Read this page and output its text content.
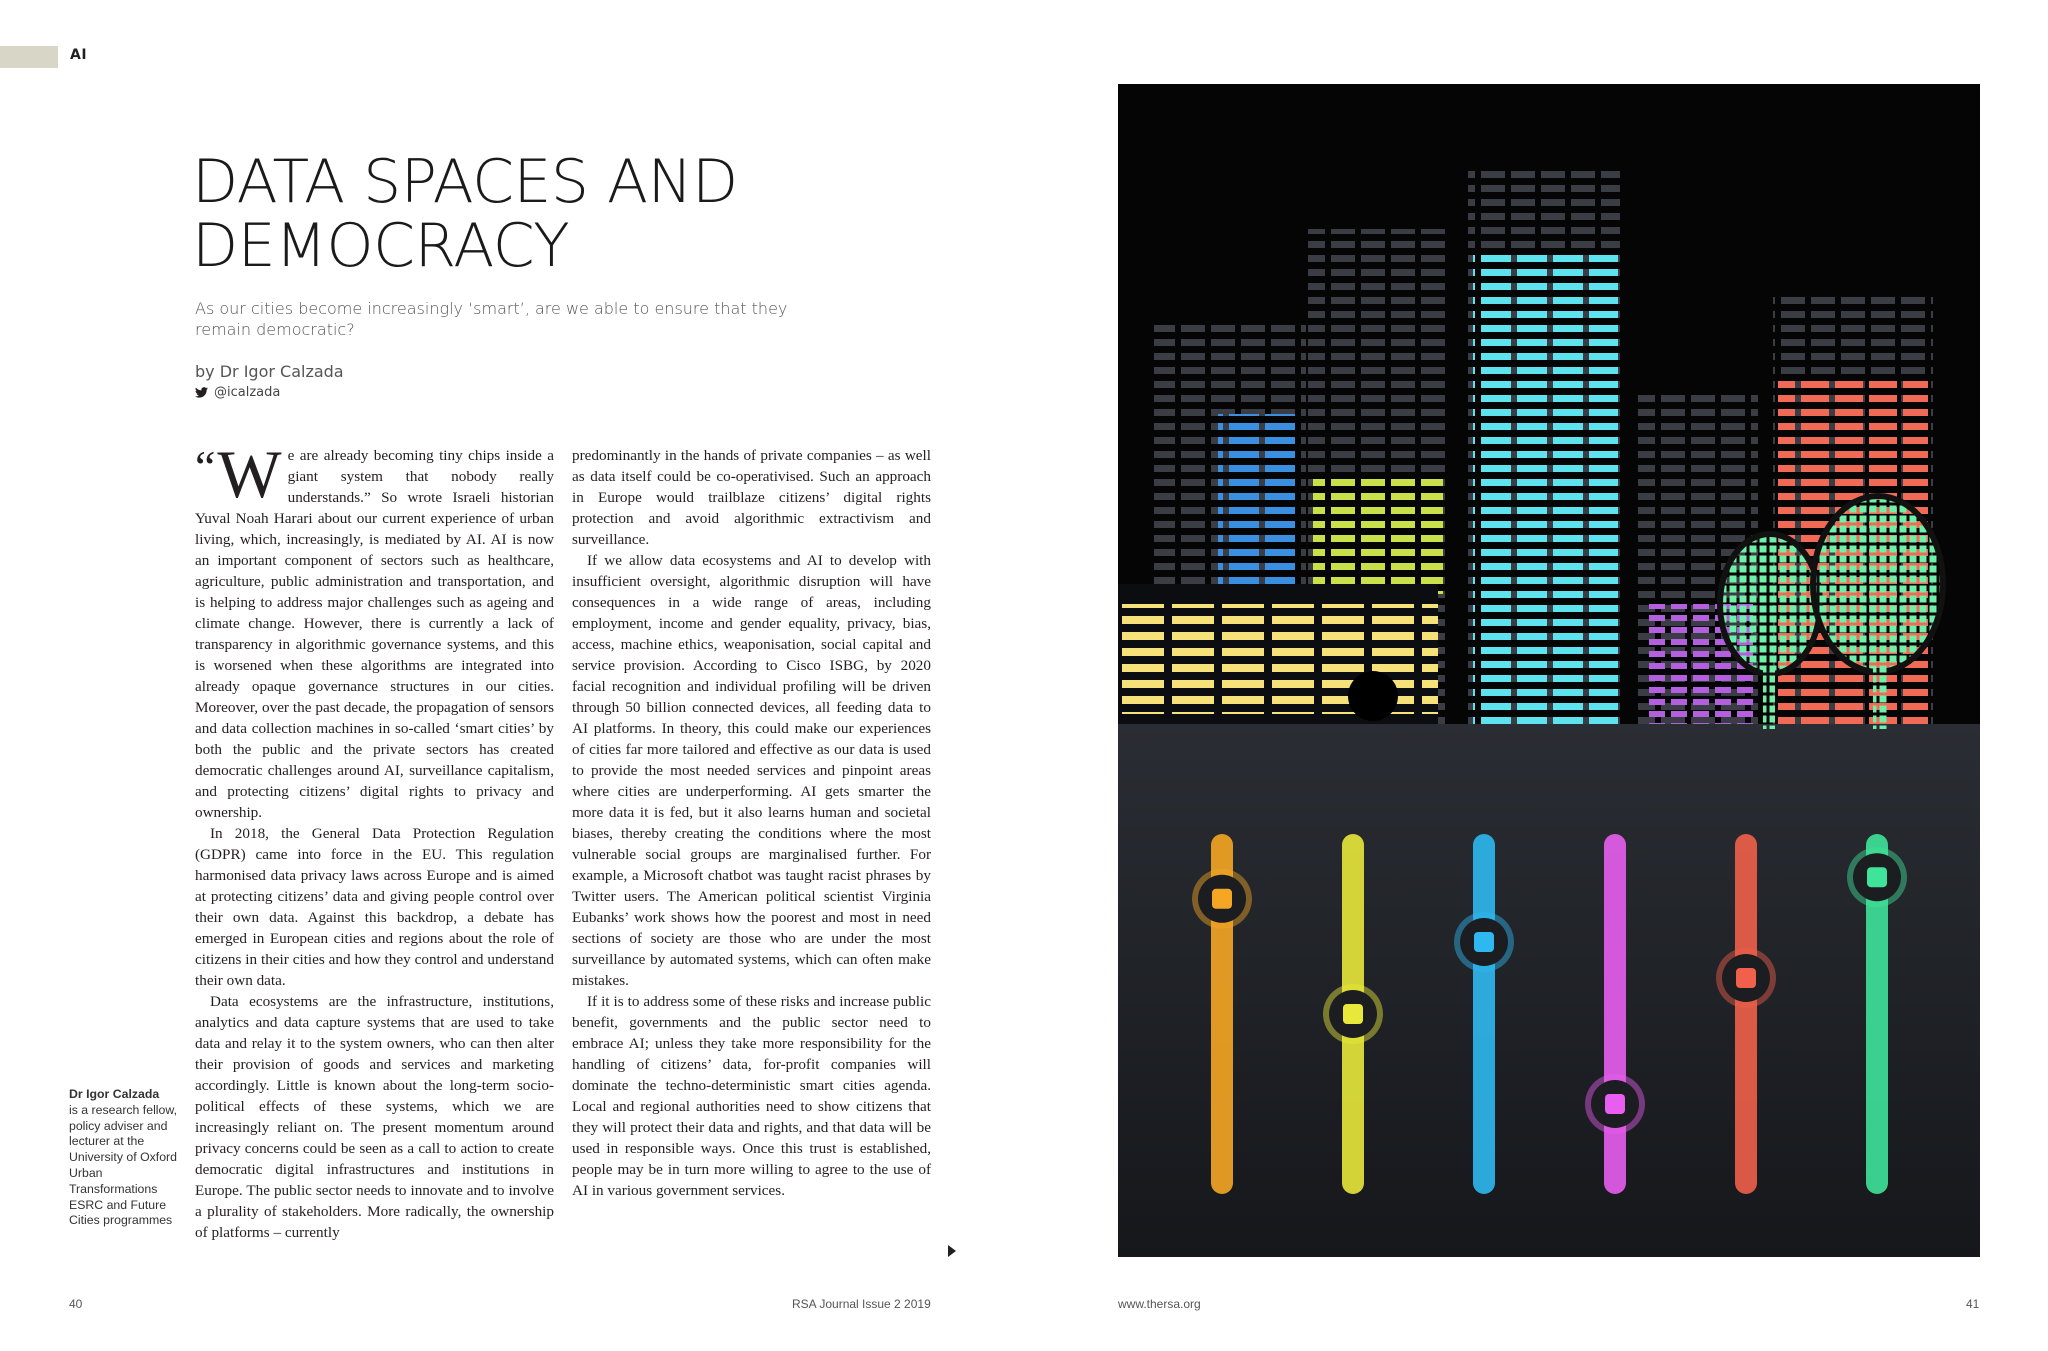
AI
DATA SPACES AND
DEMOCRACY

As our cities become increasingly ‘smart’, are we able to ensure that they remain democratic?

by Dr Igor Calzada
@icalzada

“W e are already becoming tiny chips inside a giant system that nobody really understands.” So wrote Israeli historian Yuval Noah Harari about our current experience of urban living, which, increasingly, is mediated by AI. AI is now an important component of sectors such as healthcare, agriculture, public administration and transportation, and is helping to address major challenges such as ageing and climate change. However, there is currently a lack of transparency in algorithmic governance systems, and this is worsened when these algorithms are integrated into already opaque governance structures in our cities. Moreover, over the past decade, the propagation of sensors and data collection machines in so-called ‘smart cities’ by both the public and the private sectors has created democratic challenges around AI, surveillance capitalism, and protecting citizens’ digital rights to privacy and ownership.

In 2018, the General Data Protection Regulation (GDPR) came into force in the EU. This regulation harmonised data privacy laws across Europe and is aimed at protecting citizens’ data and giving people control over their own data. Against this backdrop, a debate has emerged in European cities and regions about the role of citizens in their cities and how they control and understand their own data.

Data ecosystems are the infrastructure, institutions, analytics and data capture systems that are used to take data and relay it to the system owners, who can then alter their provision of goods and services and marketing accordingly. Little is known about the long-term socio-political effects of these systems, which we are increasingly reliant on. The present momentum around privacy concerns could be seen as a call to action to create democratic digital infrastructures and institutions in Europe. The public sector needs to innovate and to involve a plurality of stakeholders. More radically, the ownership of platforms – currently

predominantly in the hands of private companies – as well as data itself could be co-operativised. Such an approach in Europe would trailblaze citizens’ digital rights protection and avoid algorithmic extractivism and surveillance.

If we allow data ecosystems and AI to develop with insufficient oversight, algorithmic disruption will have consequences in a wide range of areas, including employment, income and gender equality, privacy, bias, access, machine ethics, weaponisation, social capital and service provision. According to Cisco ISBG, by 2020 facial recognition and individual profiling will be driven through 50 billion connected devices, all feeding data to AI platforms. In theory, this could make our experiences of cities far more tailored and effective as our data is used to provide the most needed services and pinpoint areas where cities are underperforming. AI gets smarter the more data it is fed, but it also learns human and societal biases, thereby creating the conditions where the most vulnerable social groups are marginalised further. For example, a Microsoft chatbot was taught racist phrases by Twitter users. The American political scientist Virginia Eubanks’ work shows how the poorest and most in need sections of society are those who are under the most surveillance by automated systems, which can often make mistakes.

If it is to address some of these risks and increase public benefit, governments and the public sector need to embrace AI; unless they take more responsibility for the handling of citizens’ data, for-profit companies will dominate the techno-deterministic smart cities agenda. Local and regional authorities need to show citizens that they will protect their data and rights, and that data will be used in responsible ways. Once this trust is established, people may be in turn more willing to agree to the use of AI in various government services.

Dr Igor Calzada
is a research fellow, policy adviser and lecturer at the University of Oxford Urban Transformations ESRC and Future Cities programmes
40	RSA Journal Issue 2 2019	www.thersa.org	41
